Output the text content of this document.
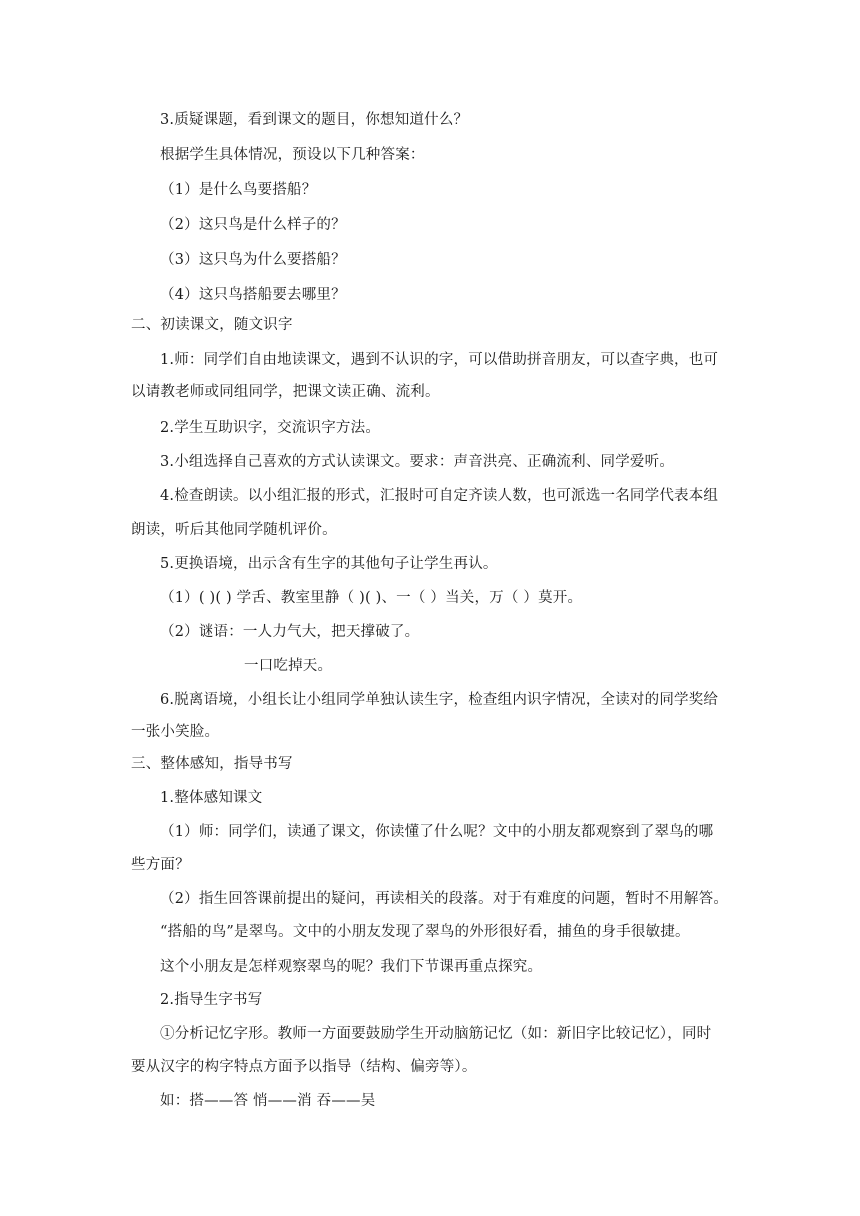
3.质疑课题，看到课文的题目，你想知道什么？
根据学生具体情况，预设以下几种答案：
（1）是什么鸟要搭船？
（2）这只鸟是什么样子的？
（3）这只鸟为什么要搭船？
（4）这只鸟搭船要去哪里？
二、初读课文，随文识字
1.师：同学们自由地读课文，遇到不认识的字，可以借助拼音朋友，可以查字典，也可
以请教老师或同组同学，把课文读正确、流利。
2.学生互助识字，交流识字方法。
3.小组选择自己喜欢的方式认读课文。要求：声音洪亮、正确流利、同学爱听。
4.检查朗读。以小组汇报的形式，汇报时可自定齐读人数，也可派选一名同学代表本组
朗读，听后其他同学随机评价。
5.更换语境，出示含有生字的其他句子让学生再认。
（1）( )( ) 学舌、教室里静（ )( )、一（ ）当关，万（ ）莫开。
（2）谜语：一人力气大，把天撑破了。
一口吃掉天。
6.脱离语境，小组长让小组同学单独认读生字，检查组内识字情况，全读对的同学奖给
一张小笑脸。
三、整体感知，指导书写
1.整体感知课文
（1）师：同学们，读通了课文，你读懂了什么呢？文中的小朋友都观察到了翠鸟的哪
些方面？
（2）指生回答课前提出的疑问，再读相关的段落。对于有难度的问题，暂时不用解答。
“搭船的鸟”是翠鸟。文中的小朋友发现了翠鸟的外形很好看，捕鱼的身手很敏捷。
这个小朋友是怎样观察翠鸟的呢？我们下节课再重点探究。
2.指导生字书写
①分析记忆字形。教师一方面要鼓励学生开动脑筋记忆（如：新旧字比较记忆），同时
要从汉字的构字特点方面予以指导（结构、偏旁等）。
如：搭——答 悄——消 吞——吴
